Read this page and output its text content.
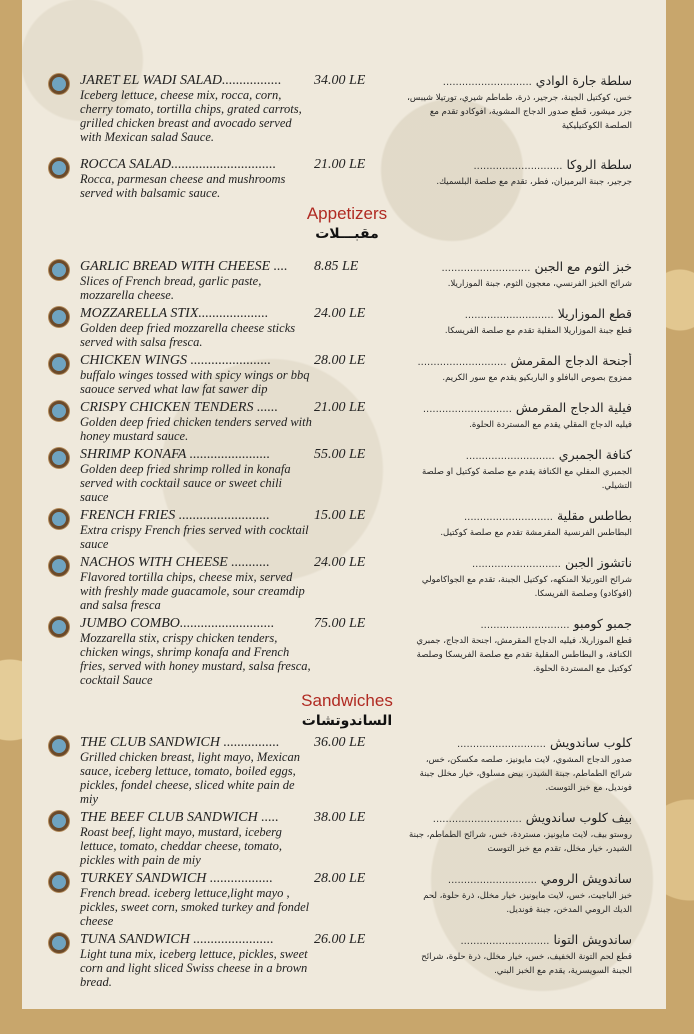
JARET EL WADI SALAD.................
Iceberg lettuce, cheese mix, rocca, corn, cherry tomato, tortilla chips, grated carrots, grilled chicken breast and avocado served with Mexican salad Sauce.
34.00 LE	سلطة جارة الوادي ............................
خس، كوكتيل الجبنة، جرجير، ذرة، طماطم شيري، تورتيلا شيبس، جزر ميشور، قطع صدور الدجاج المشوية، افوكادو تقدم مع الصلصة الكوكتيليكية
ROCCA SALAD..............................
Rocca, parmesan cheese and mushrooms served with balsamic sauce.
21.00 LE	سلطة الروكا ............................
جرجير، جبنة البرميزان، فطر، تقدم مع صلصة البلسميك.
GARLIC BREAD WITH CHEESE ....
Slices of French bread, garlic paste, mozzarella cheese.
8.85 LE	خبز الثوم مع الجبن ............................
شرائح الخبز الفرنسي، معجون الثوم، جبنة الموزاريلا.
MOZZARELLA STIX....................
Golden deep fried mozzarella cheese sticks served with salsa fresca.
24.00 LE	قطع الموزاريلا ............................
قطع جبنة الموزاريلا المقلية تقدم مع صلصة الفريسكا.
CHICKEN WINGS .......................
buffalo winges tossed with spicy wings or bbq saouce served what law fat sawer dip
28.00 LE	أجنحة الدجاج المقرمش ............................
ممزوج بصوص البافلو و الباربكيو يقدم مع سور الكريم.
CRISPY CHICKEN TENDERS ......
Golden deep fried chicken tenders served with honey mustard sauce.
21.00 LE	فيلية الدجاج المقرمش ............................
فيليه الدجاج المقلي يقدم مع المستردة الحلوة.
SHRIMP KONAFA .......................
Golden deep fried shrimp rolled in konafa served with cocktail sauce or sweet chili sauce
55.00 LE	كنافة الجمبري ............................
الجمبري المقلي مع الكنافة يقدم مع صلصة كوكتيل او صلصة التشيلي.
FRENCH FRIES ..........................
Extra crispy French fries served with cocktail sauce
15.00 LE	بطاطس مقلية ............................
البطاطس الفرنسية المقرمشة تقدم مع صلصة كوكتيل.
NACHOS WITH CHEESE ...........
Flavored tortilla chips, cheese mix, served with freshly made guacamole, sour creamdip and salsa fresca
24.00 LE	ناتشوز الجبن ............................
شرائح التورتيلا المنكهه، كوكتيل الجبنة، تقدم مع الجواكامولي (افوكادو) وصلصة الفريسكا.
JUMBO COMBO...........................
Mozzarella stix, crispy chicken tenders, chicken wings, shrimp konafa and French fries, served with honey mustard, salsa fresca, cocktail Sauce
75.00 LE	جمبو كومبو ............................
قطع الموزاريلا، فيليه الدجاج المقرمش، اجنحة الدجاج، جمبري الكنافة، و البطاطس المقلية تقدم مع صلصة الفريسكا وصلصة كوكتيل مع المستردة الحلوة.
THE CLUB SANDWICH ................
Grilled chicken breast, light mayo, Mexican sauce, iceberg lettuce, tomato, boiled eggs, pickles, fondel cheese, sliced white pain de miy
36.00 LE	كلوب ساندويش ............................
صدور الدجاج المشوي، لايت مايونيز، صلصه مكسكن، خس، شرائح الطماطم، جبنة الشيدر، بيض مسلوق، خيار مخلل جبنة فونديل، مع خبز التوست.
THE BEEF CLUB SANDWICH .....
Roast beef, light mayo, mustard, iceberg lettuce, tomato, cheddar cheese, tomato, pickles with pain de miy
38.00 LE	بيف كلوب ساندويش ............................
روستو بيف، لايت مايونيز، مستردة، خس، شرائح الطماطم، جبنة الشيدر، خيار مخلل، تقدم مع خبز التوست
TURKEY SANDWICH ..................
French bread. iceberg lettuce,light mayo , pickles, sweet corn, smoked turkey and fondel cheese
28.00 LE	ساندويش الرومي ............................
خبز الباجيت، خس، لايت مايونيز، خيار مخلل، ذرة حلوة، لحم الديك الرومي المدخن، جبنة فونديل.
TUNA SANDWICH .......................
Light tuna mix, iceberg lettuce, pickles, sweet corn and light sliced Swiss cheese in a brown bread.
26.00 LE	ساندويش التونا ............................
قطع لحم التونة الخفيف، خس، خيار مخلل، ذرة حلوة، شرائح الجبنة السويسرية، يقدم مع الخبز البني.
Appetizers
مقبـــلات
Sandwiches
الساندوتشات
